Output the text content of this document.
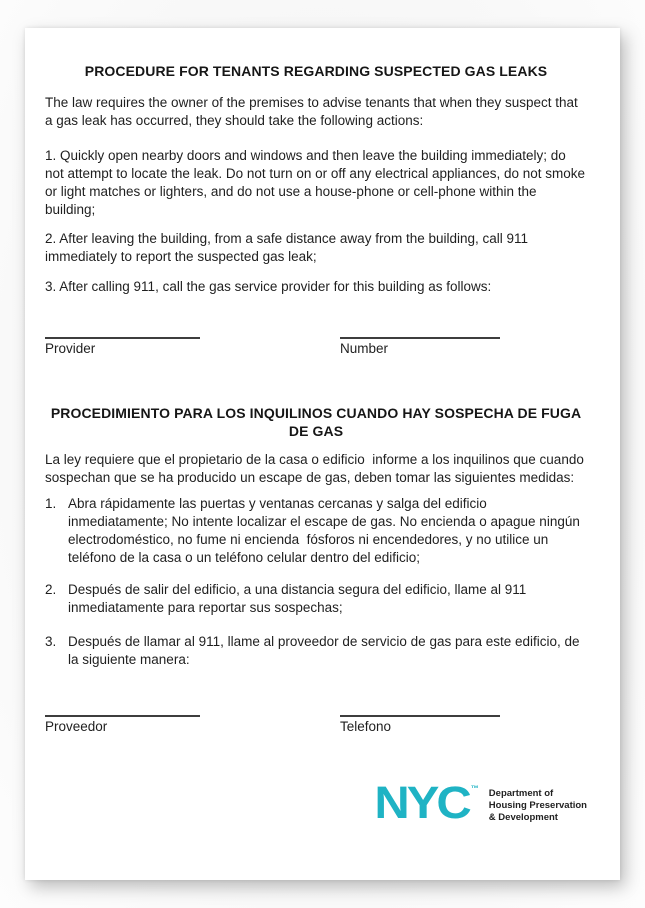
PROCEDURE FOR TENANTS REGARDING SUSPECTED GAS LEAKS

The law requires the owner of the premises to advise tenants that when they suspect that a gas leak has occurred, they should take the following actions:

1. Quickly open nearby doors and windows and then leave the building immediately; do not attempt to locate the leak. Do not turn on or off any electrical appliances, do not smoke or light matches or lighters, and do not use a house-phone or cell-phone within the building;

2. After leaving the building, from a safe distance away from the building, call 911 immediately to report the suspected gas leak;

3. After calling 911, call the gas service provider for this building as follows:

Provider	Number
PROCEDIMIENTO PARA LOS INQUILINOS CUANDO HAY SOSPECHA DE FUGA DE GAS

La ley requiere que el propietario de la casa o edificio  informe a los inquilinos que cuando sospechan que se ha producido un escape de gas, deben tomar las siguientes medidas:

1. Abra rápidamente las puertas y ventanas cercanas y salga del edificio inmediatamente; No intente localizar el escape de gas. No encienda o apague ningún electrodoméstico, no fume ni encienda  fósforos ni encendedores, y no utilice un teléfono de la casa o un teléfono celular dentro del edificio;
2. Después de salir del edificio, a una distancia segura del edificio, llame al 911 inmediatamente para reportar sus sospechas;
3. Después de llamar al 911, llame al proveedor de servicio de gas para este edificio, de la siguiente manera:
Proveedor	Telefono
NYC ™ Department of
Housing Preservation
& Development
